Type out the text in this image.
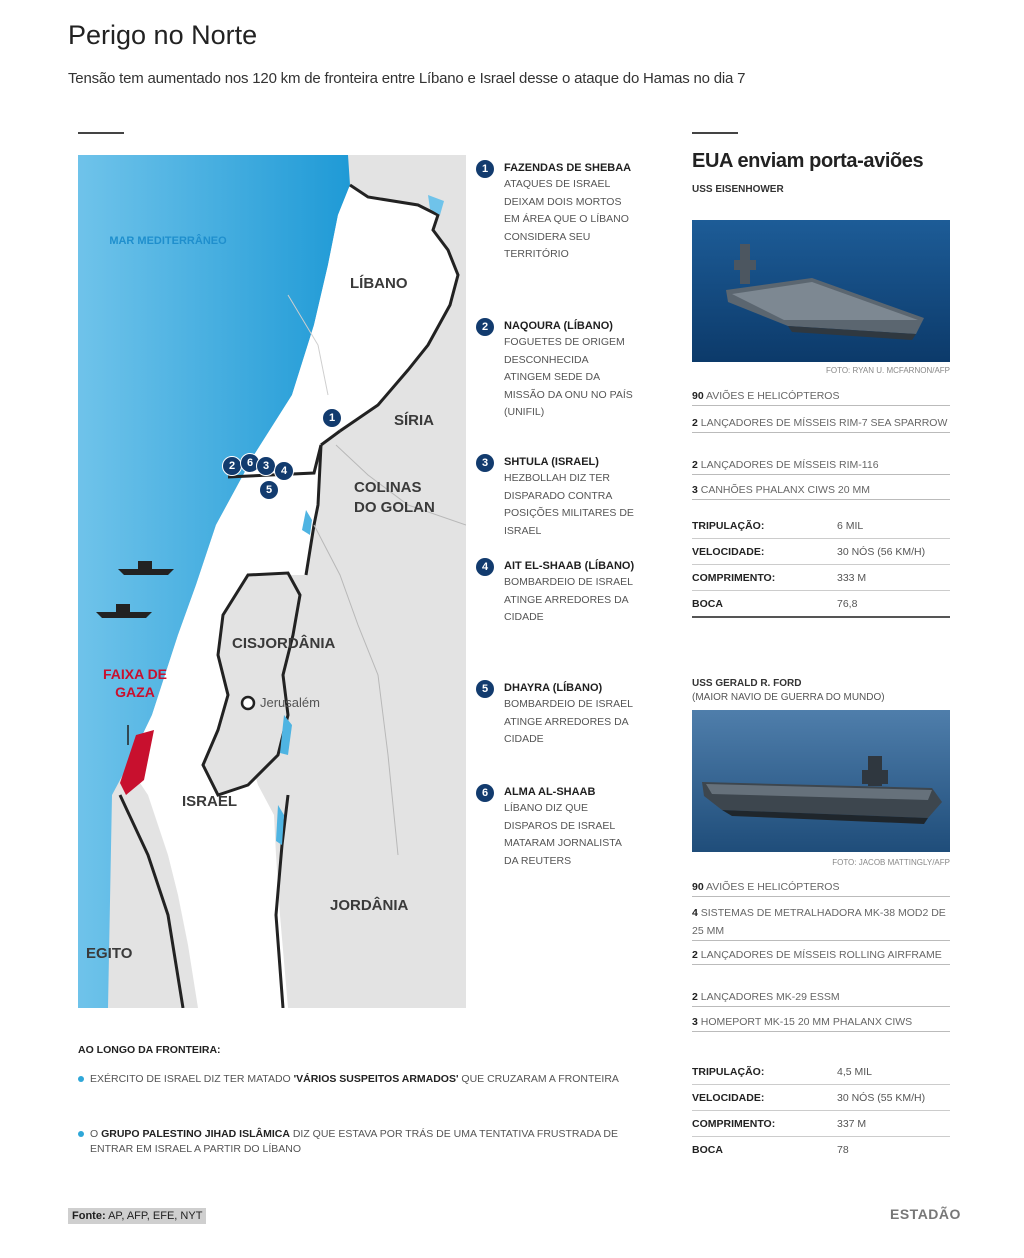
Perigo no Norte
Tensão tem aumentado nos 120 km de fronteira entre Líbano e Israel desse o ataque do Hamas no dia 7
MAR MEDITERRÂNEO
LÍBANO
SÍRIA
COLINAS DO GOLAN
CISJORDÂNIA
Jerusalém
FAIXA DE GAZA
ISRAEL
JORDÂNIA
EGITO
1
2	6 3	4
5
1	FAZENDAS DE SHEBAA
ATAQUES DE ISRAEL DEIXAM DOIS MORTOS EM ÁREA QUE O LÍBANO CONSIDERA SEU TERRITÓRIO
2	NAQOURA (LÍBANO)
FOGUETES DE ORIGEM DESCONHECIDA ATINGEM SEDE DA MISSÃO DA ONU NO PAÍS (UNIFIL)
3	SHTULA (ISRAEL)
HEZBOLLAH DIZ TER DISPARADO CONTRA POSIÇÕES MILITARES DE ISRAEL
4	AIT EL-SHAAB (LÍBANO)
BOMBARDEIO DE ISRAEL ATINGE ARREDORES DA CIDADE
5	DHAYRA (LÍBANO)
BOMBARDEIO DE ISRAEL ATINGE ARREDORES DA CIDADE
6	ALMA AL-SHAAB
LÍBANO DIZ QUE DISPAROS DE ISRAEL MATARAM JORNALISTA DA REUTERS
AO LONGO DA FRONTEIRA:
EXÉRCITO DE ISRAEL DIZ TER MATADO 'VÁRIOS SUSPEITOS ARMADOS' QUE CRUZARAM A FRONTEIRA
O GRUPO PALESTINO JIHAD ISLÂMICA DIZ QUE ESTAVA POR TRÁS DE UMA TENTATIVA FRUSTRADA DE ENTRAR EM ISRAEL A PARTIR DO LÍBANO
EUA enviam porta-aviões
USS EISENHOWER
FOTO: RYAN U. MCFARNON/AFP
90 AVIÕES E HELICÓPTEROS
2 LANÇADORES DE MÍSSEIS RIM-7 SEA SPARROW
2 LANÇADORES DE MÍSSEIS RIM-116
3 CANHÕES PHALANX CIWS 20 MM
TRIPULAÇÃO:	6 MIL
VELOCIDADE:	30 NÓS (56 KM/H)
COMPRIMENTO:	333 M
BOCA	76,8
USS GERALD R. FORD
(MAIOR NAVIO DE GUERRA DO MUNDO)
FOTO: JACOB MATTINGLY/AFP
90 AVIÕES E HELICÓPTEROS
4 SISTEMAS DE METRALHADORA MK-38 MOD2 DE 25 MM
2 LANÇADORES DE MÍSSEIS ROLLING AIRFRAME
2 LANÇADORES MK-29 ESSM
3 HOMEPORT MK-15 20 MM PHALANX CIWS
TRIPULAÇÃO:	4,5 MIL
VELOCIDADE:	30 NÓS (55 KM/H)
COMPRIMENTO:	337 M
BOCA	78
Fonte: AP, AFP, EFE, NYT	ESTADÃO
